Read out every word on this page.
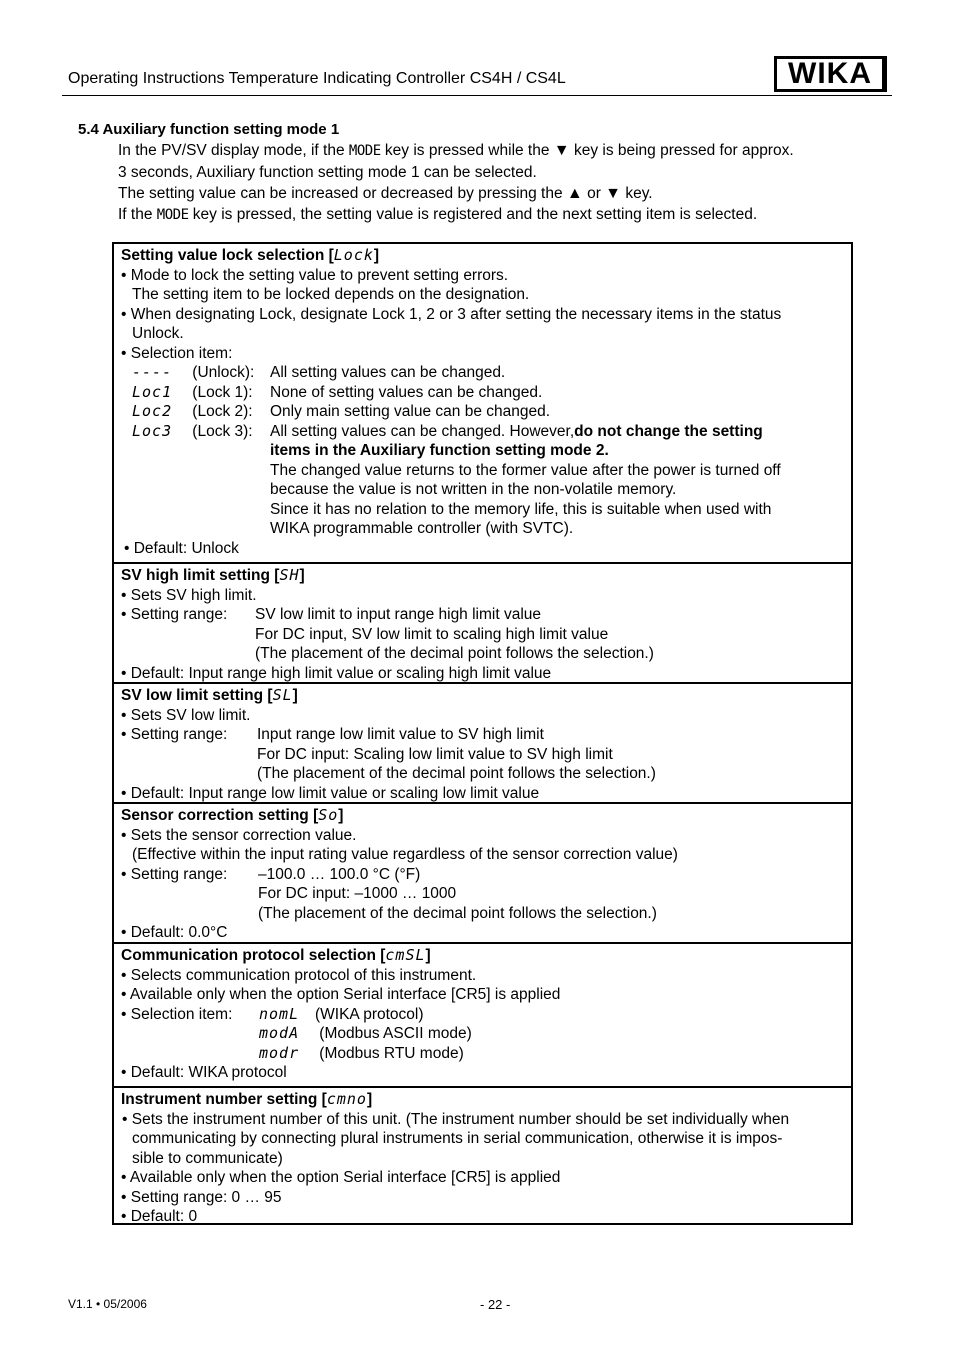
Operating Instructions Temperature Indicating Controller CS4H / CS4L	WIKA
5.4 Auxiliary function setting mode 1

In the PV/SV display mode, if the MODE key is pressed while the ▼ key is being pressed for approx.

3 seconds, Auxiliary function setting mode 1 can be selected.

The setting value can be increased or decreased by pressing the ▲ or ▼ key.

If the MODE key is pressed, the setting value is registered and the next setting item is selected.

Setting value lock selection [Lock]
• Mode to lock the setting value to prevent setting errors.
The setting item to be locked depends on the designation.
• When designating Lock, designate Lock 1, 2 or 3 after setting the necessary items in the status
Unlock.
• Selection item:
---- (Unlock):	All setting values can be changed.
Loc1 (Lock 1):	None of setting values can be changed.
Loc2 (Lock 2):	Only main setting value can be changed.
Loc3 (Lock 3):	All setting values can be changed. However, do not change the setting
items in the Auxiliary function setting mode 2.
The changed value returns to the former value after the power is turned off
because the value is not written in the non-volatile memory.
Since it has no relation to the memory life, this is suitable when used with
WIKA programmable controller (with SVTC).
• Default: Unlock
SV high limit setting [SH]
• Sets SV high limit.
• Setting range:	SV low limit to input range high limit value
For DC input, SV low limit to scaling high limit value
(The placement of the decimal point follows the selection.)
• Default: Input range high limit value or scaling high limit value
SV low limit setting [SL]
• Sets SV low limit.
• Setting range:	Input range low limit value to SV high limit
For DC input: Scaling low limit value to SV high limit
(The placement of the decimal point follows the selection.)
• Default: Input range low limit value or scaling low limit value
Sensor correction setting [So]
• Sets the sensor correction value.
(Effective within the input rating value regardless of the sensor correction value)
• Setting range:	–100.0 … 100.0 °C (°F)
For DC input: –1000 … 1000
(The placement of the decimal point follows the selection.)
• Default: 0.0°C
Communication protocol selection [cmSL]
• Selects communication protocol of this instrument.
• Available only when the option Serial interface [CR5] is applied
• Selection item:	nomL	(WIKA protocol)
modA (Modbus ASCII mode)
modr (Modbus RTU mode)
• Default: WIKA protocol
Instrument number setting [cmno]
• Sets the instrument number of this unit. (The instrument number should be set individually when
communicating by connecting plural instruments in serial communication, otherwise it is impos-
sible to communicate)
• Available only when the option Serial interface [CR5] is applied
• Setting range: 0 … 95
• Default: 0
V1.1 • 05/2006	- 22 -
